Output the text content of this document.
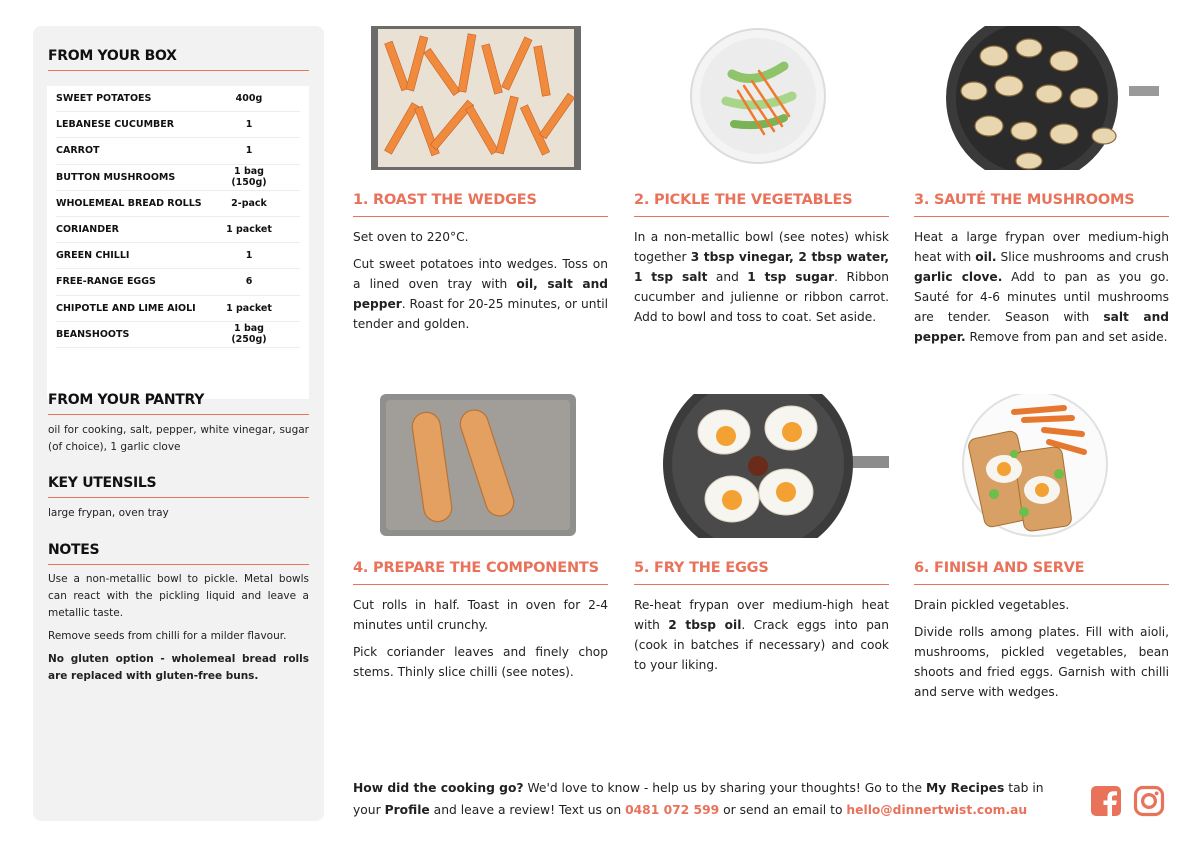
FROM YOUR BOX
SWEET POTATOES	400g
LEBANESE CUCUMBER	1
CARROT	1
BUTTON MUSHROOMS	1 bag (150g)
WHOLEMEAL BREAD ROLLS	2-pack
CORIANDER	1 packet
GREEN CHILLI	1
FREE-RANGE EGGS	6
CHIPOTLE AND LIME AIOLI	1 packet
BEANSHOOTS	1 bag (250g)
FROM YOUR PANTRY
oil for cooking, salt, pepper, white vinegar, sugar (of choice), 1 garlic clove
KEY UTENSILS
large frypan, oven tray
NOTES

Use a non-metallic bowl to pickle. Metal bowls can react with the pickling liquid and leave a metallic taste.

Remove seeds from chilli for a milder flavour.

No gluten option - wholemeal bread rolls are replaced with gluten-free buns.

1. ROAST THE WEDGES

Set oven to 220°C.

Cut sweet potatoes into wedges. Toss on a lined oven tray with oil, salt and pepper. Roast for 20-25 minutes, or until tender and golden.

2. PICKLE THE VEGETABLES

In a non-metallic bowl (see notes) whisk together 3 tbsp vinegar, 2 tbsp water, 1 tsp salt and 1 tsp sugar. Ribbon cucumber and julienne or ribbon carrot. Add to bowl and toss to coat. Set aside.

3. SAUTÉ THE MUSHROOMS

Heat a large frypan over medium-high heat with oil. Slice mushrooms and crush garlic clove. Add to pan as you go. Sauté for 4-6 minutes until mushrooms are tender. Season with salt and pepper. Remove from pan and set aside.

4. PREPARE THE COMPONENTS

Cut rolls in half. Toast in oven for 2-4 minutes until crunchy.

Pick coriander leaves and finely chop stems. Thinly slice chilli (see notes).

5. FRY THE EGGS

Re-heat frypan over medium-high heat with 2 tbsp oil. Crack eggs into pan (cook in batches if necessary) and cook to your liking.

6. FINISH AND SERVE

Drain pickled vegetables.

Divide rolls among plates. Fill with aioli, mushrooms, pickled vegetables, bean shoots and fried eggs. Garnish with chilli and serve with wedges.

How did the cooking go? We'd love to know - help us by sharing your thoughts! Go to the My Recipes tab in your Profile and leave a review! Text us on 0481 072 599 or send an email to hello@dinnertwist.com.au
